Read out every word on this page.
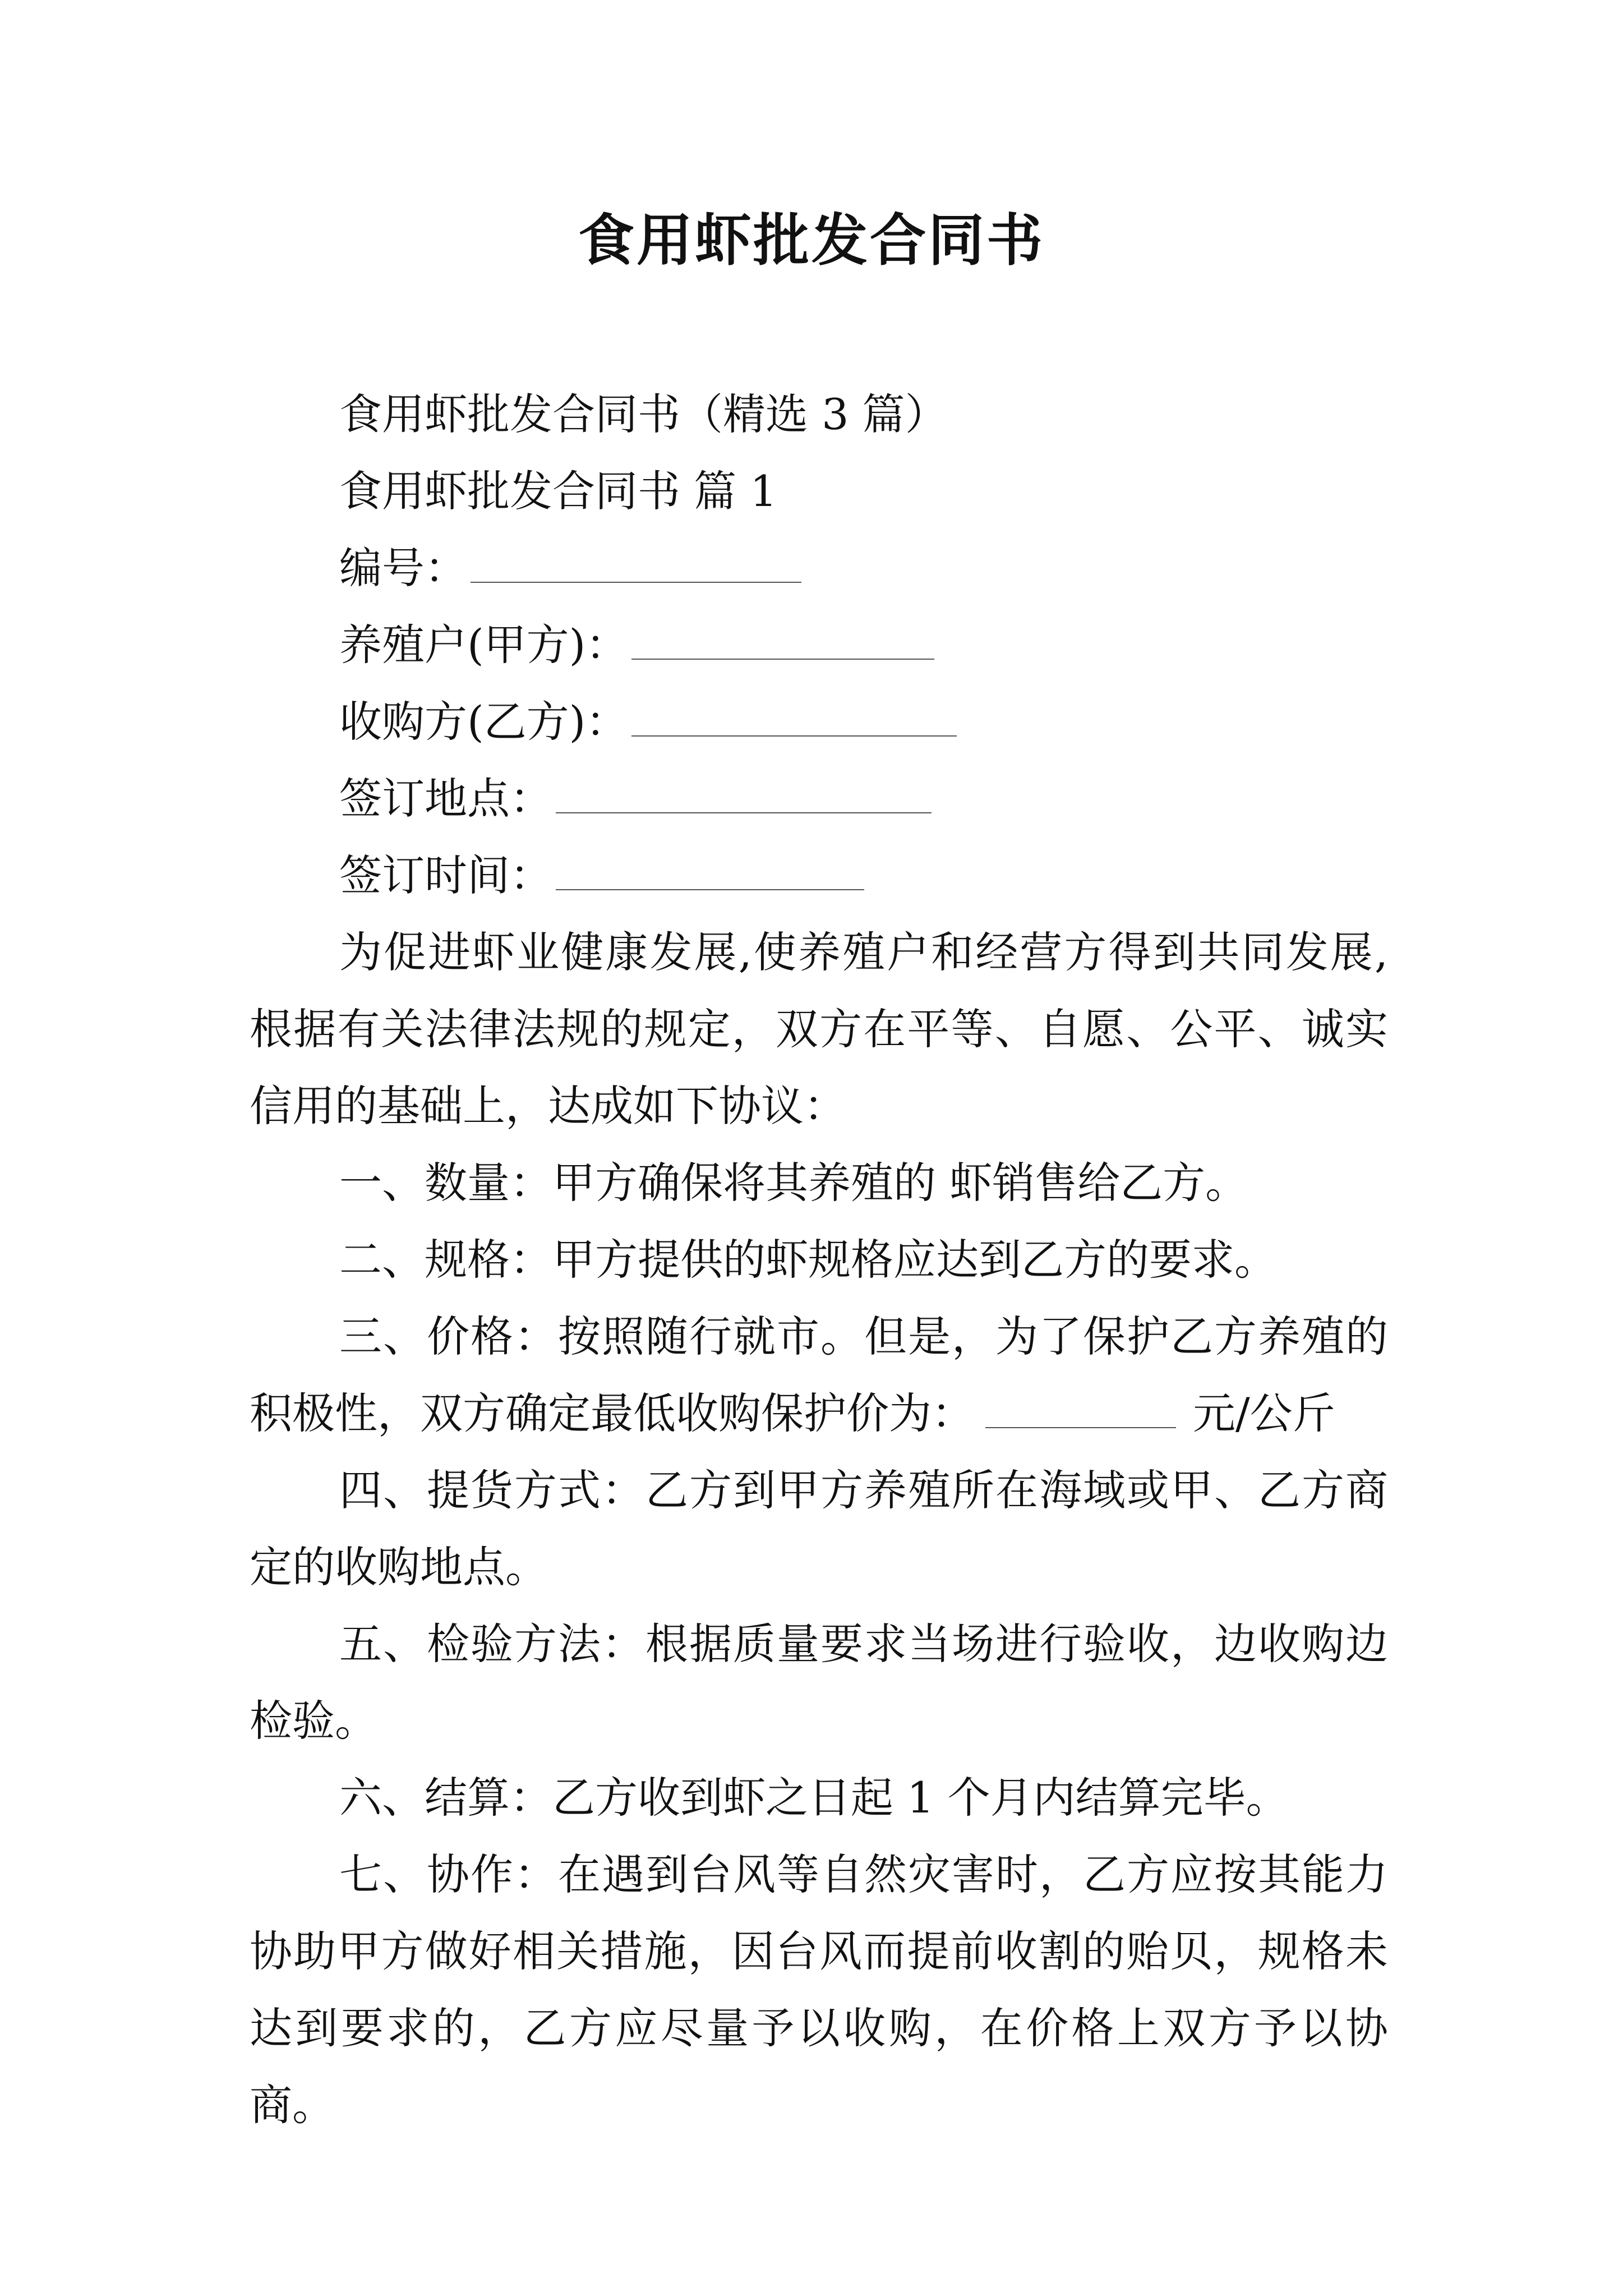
食用虾批发合同书
食用虾批发合同书（精选 3 篇）
食用虾批发合同书 篇 1
编号：
养殖户(甲方)：
收购方(乙方)：
签订地点：
签订时间：
为促进虾业健康发展,使养殖户和经营方得到共同发展,根据有关法律法规的规定，双方在平等、自愿、公平、诚实信用的基础上，达成如下协议：
一、数量：甲方确保将其养殖的 虾销售给乙方。
二、规格：甲方提供的虾规格应达到乙方的要求。
三、价格：按照随行就市。但是，为了保护乙方养殖的积极性，双方确定最低收购保护价为：	元/公斤
四、提货方式：乙方到甲方养殖所在海域或甲、乙方商定的收购地点。
五、检验方法：根据质量要求当场进行验收，边收购边检验。
六、结算：乙方收到虾之日起 1 个月内结算完毕。
七、协作：在遇到台风等自然灾害时，乙方应按其能力协助甲方做好相关措施，因台风而提前收割的贻贝，规格未达到要求的，乙方应尽量予以收购，在价格上双方予以协商。
